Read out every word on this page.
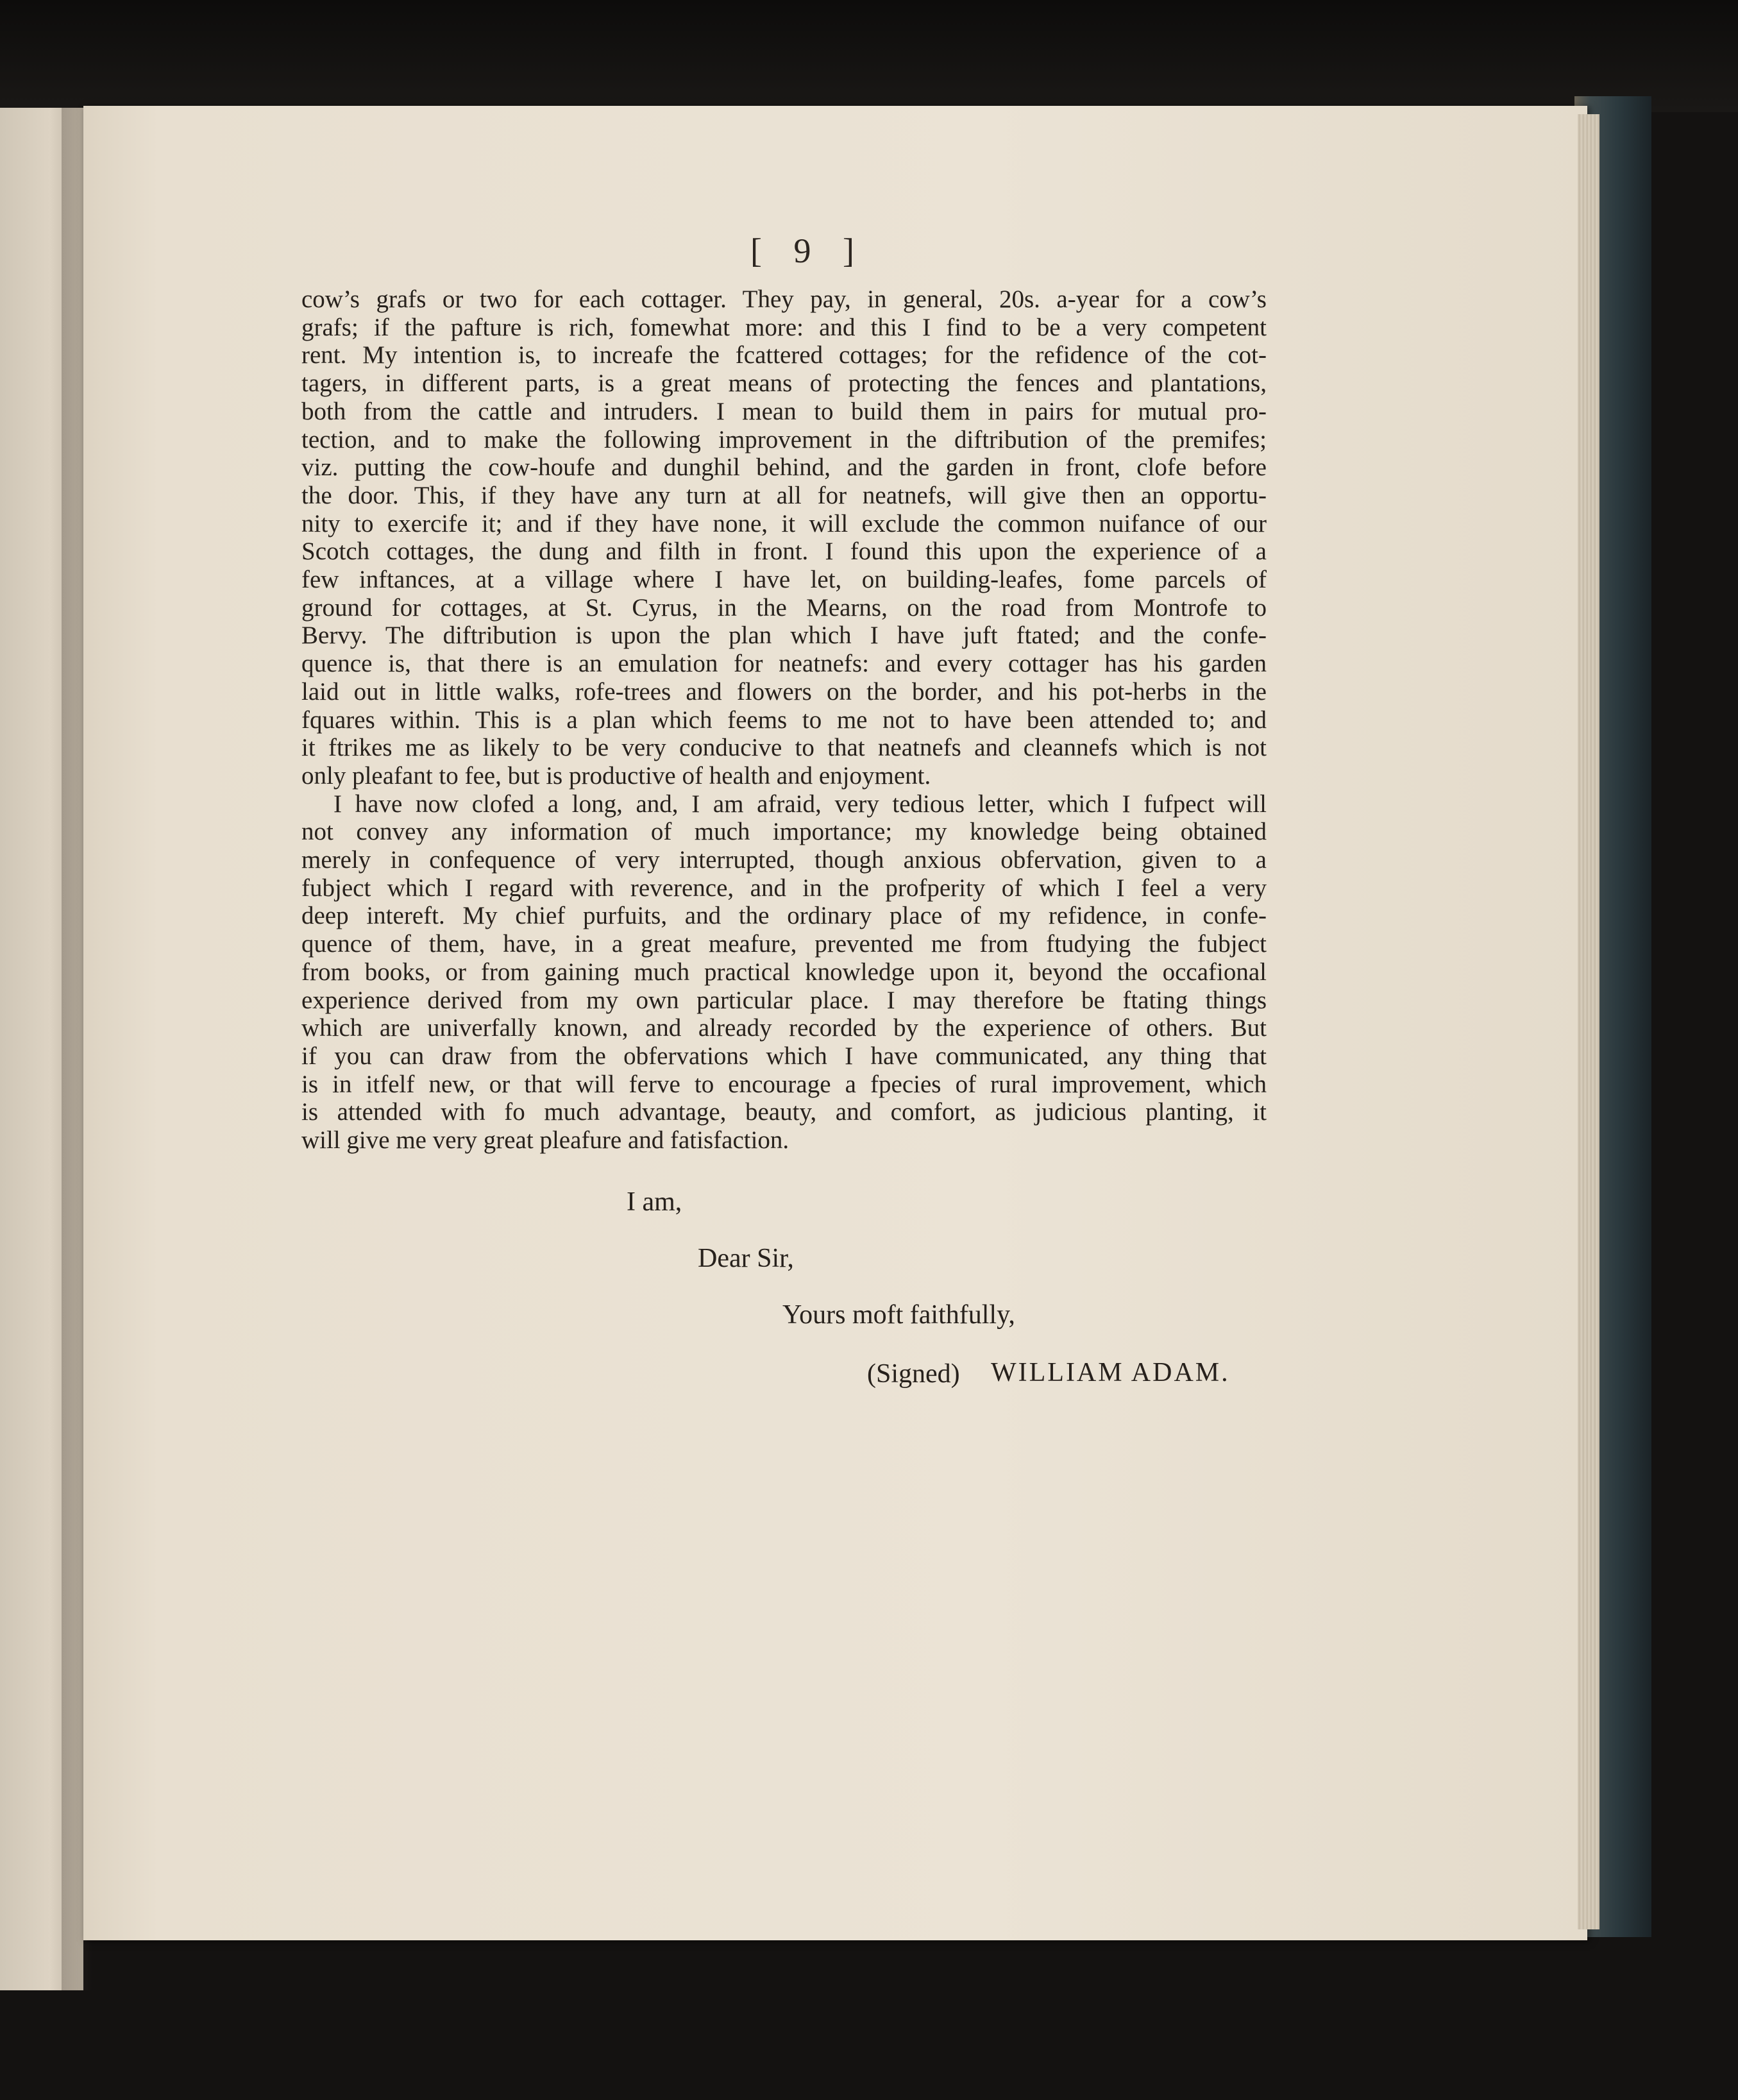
[ 9 ]
cow’s grafs or two for each cottager. They pay, in general, 20s. a-year for a cow’s
grafs; if the pafture is rich, fomewhat more: and this I find to be a very competent
rent. My intention is, to increafe the fcattered cottages; for the refidence of the cot-
tagers, in different parts, is a great means of protecting the fences and plantations,
both from the cattle and intruders. I mean to build them in pairs for mutual pro-
tection, and to make the following improvement in the diftribution of the premifes;
viz. putting the cow-houfe and dunghil behind, and the garden in front, clofe before
the door. This, if they have any turn at all for neatnefs, will give then an opportu-
nity to exercife it; and if they have none, it will exclude the common nuifance of our
Scotch cottages, the dung and filth in front. I found this upon the experience of a
few inftances, at a village where I have let, on building-leafes, fome parcels of
ground for cottages, at St. Cyrus, in the Mearns, on the road from Montrofe to
Bervy. The diftribution is upon the plan which I have juft ftated; and the confe-
quence is, that there is an emulation for neatnefs: and every cottager has his garden
laid out in little walks, rofe-trees and flowers on the border, and his pot-herbs in the
fquares within. This is a plan which feems to me not to have been attended to; and
it ftrikes me as likely to be very conducive to that neatnefs and cleannefs which is not
only pleafant to fee, but is productive of health and enjoyment.
I have now clofed a long, and, I am afraid, very tedious letter, which I fufpect will
not convey any information of much importance; my knowledge being obtained
merely in confequence of very interrupted, though anxious obfervation, given to a
fubject which I regard with reverence, and in the profperity of which I feel a very
deep intereft. My chief purfuits, and the ordinary place of my refidence, in confe-
quence of them, have, in a great meafure, prevented me from ftudying the fubject
from books, or from gaining much practical knowledge upon it, beyond the occafional
experience derived from my own particular place. I may therefore be ftating things
which are univerfally known, and already recorded by the experience of others. But
if you can draw from the obfervations which I have communicated, any thing that
is in itfelf new, or that will ferve to encourage a fpecies of rural improvement, which
is attended with fo much advantage, beauty, and comfort, as judicious planting, it
will give me very great pleafure and fatisfaction.
I am,
Dear Sir,
Yours moft faithfully,
(Signed) WILLIAM ADAM.
